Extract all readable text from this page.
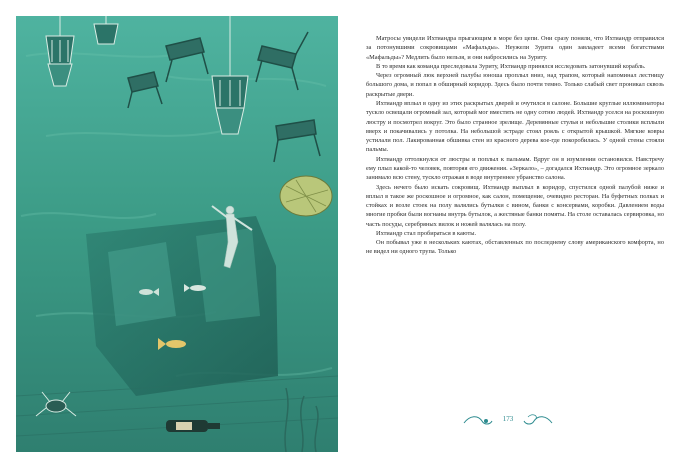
Матросы увидели Ихтиандра прыгающим в море без цепи. Они сразу поняли, что Ихтиандр отправился за потонувшими сокровищами «Мафальды». Неужели Зурита один завладеет всеми богатствами «Мафальды»? Медлить было нельзя, и они набросились на Зуриту.

В то время как команда преследовала Зуриту, Ихтиандр принялся исследовать затонувший корабль.

Через огромный люк верхней палубы юноша проплыл вниз, над трапом, который напоминал лестницу большого дома, и попал в обширный коридор. Здесь было почти темно. Только слабый свет проникал сквозь раскрытые двери.

Ихтиандр вплыл в одну из этих раскрытых дверей и очутился в салоне. Большие круглые иллюминаторы тускло освещали огромный зал, который мог вместить не одну сотню людей. Ихтиандр уселся на роскошную люстру и посмотрел вокруг. Это было странное зрелище. Деревянные стулья и небольшие столики всплыли вверх и покачивались у потолка. На небольшой эстраде стоял рояль с открытой крышкой. Мягкие ковры устилали пол. Лакированная обшивка стен из красного дерева кое-где покоробилась. У одной стены стояли пальмы.

Ихтиандр оттолкнулся от люстры и поплыл к пальмам. Вдруг он в изумлении остановился. Навстречу ему плыл какой-то человек, повторяя его движения. «Зеркало», – догадался Ихтиандр. Это огромное зеркало занимало всю стену, тускло отражая в воде внутреннее убранство салона.

Здесь нечего было искать сокровищ. Ихтиандр выплыл в коридор, спустился одной палубой ниже и вплыл в такое же роскошное и огромное, как салон, помещение, очевидно ресторан. На буфетных полках и стойках и возле стоек на полу валялись бутылки с вином, банки с консервами, коробки. Давлением воды многие пробки были вогнаны внутрь бутылок, а жестяные банки помяты. На столе оставалась сервировка, но часть посуды, серебряных вилок и ножей валялась на полу.

Ихтиандр стал пробираться в каюты.

Он побывал уже в нескольких каютах, обставленных по последнему слову американского комфорта, но не видел ни одного трупа. Только

173
